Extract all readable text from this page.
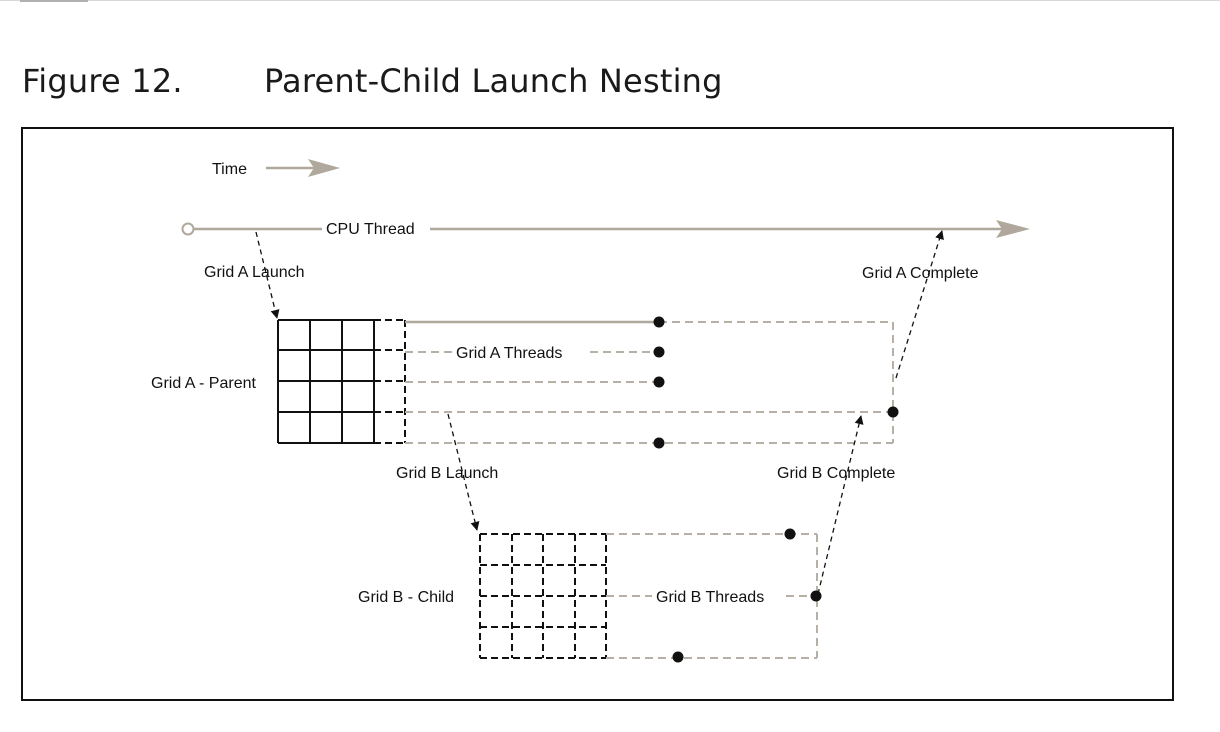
Figure 12.	Parent-Child Launch Nesting
Time
CPU Thread
Grid A Launch	Grid A Complete
Grid A - Parent
Grid A Threads
Grid B Launch	Grid B Complete
Grid B - Child	Grid B Threads
